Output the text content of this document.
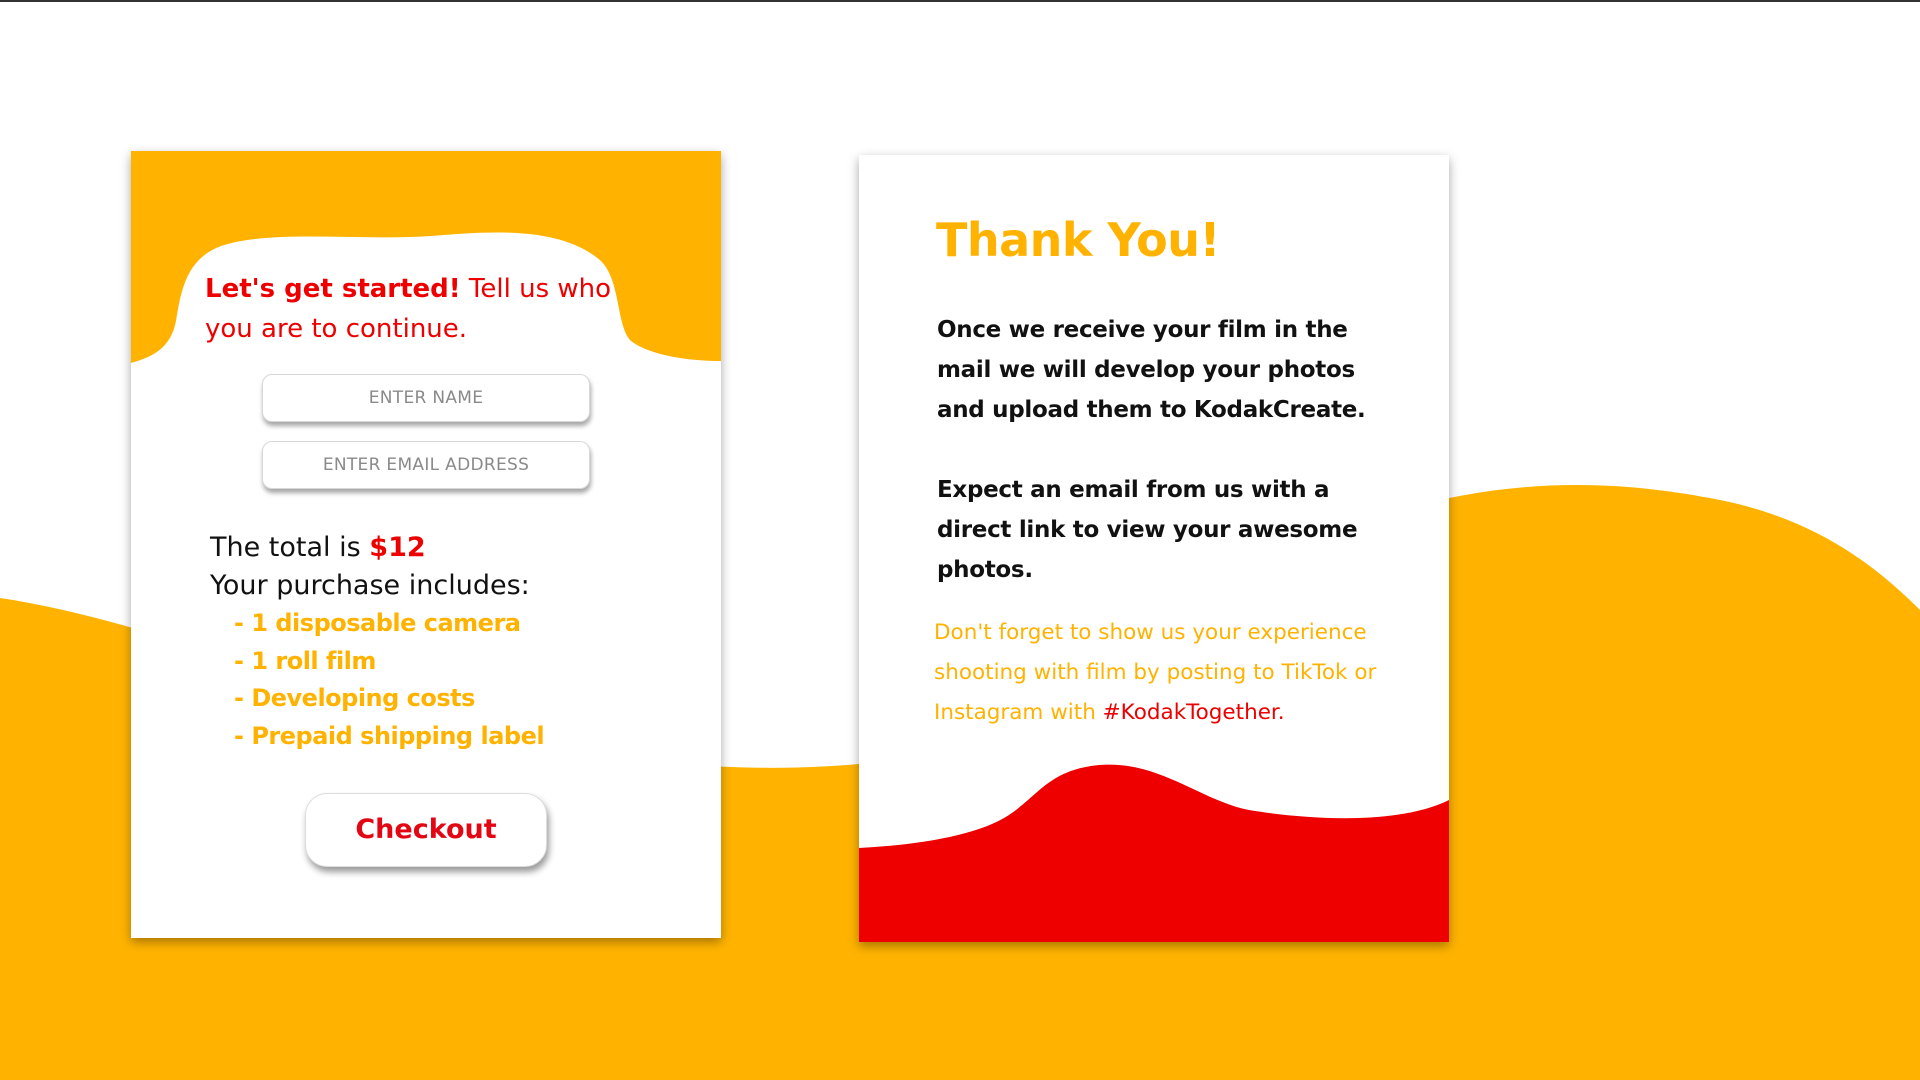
Let's get started! Tell us who you are to continue.
ENTER NAME
ENTER EMAIL ADDRESS
The total is $12
Your purchase includes:
- 1 disposable camera
- 1 roll film
- Developing costs
- Prepaid shipping label
Checkout
Thank You!
Once we receive your film in the mail we will develop your photos and upload them to KodakCreate.
Expect an email from us with a direct link to view your awesome photos.
Don't forget to show us your experience shooting with film by posting to TikTok or Instagram with #KodakTogether.
